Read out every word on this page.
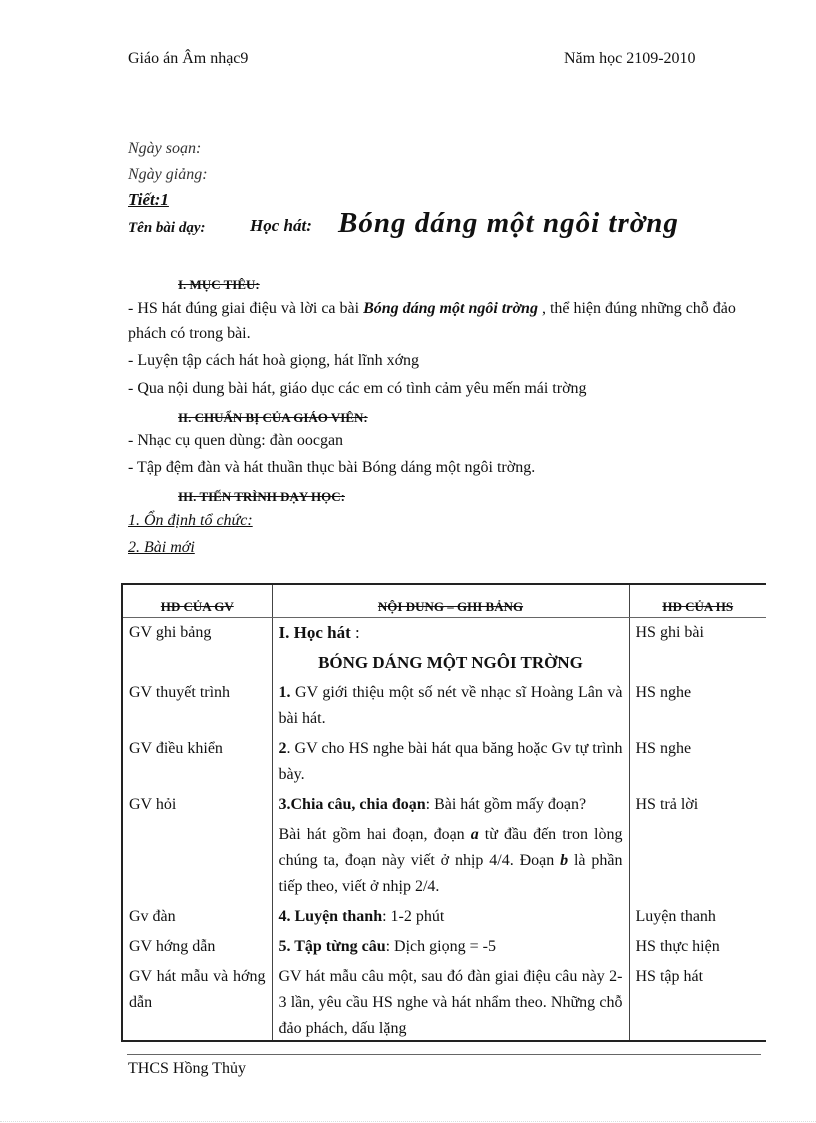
Giáo án Âm nhạc9	Năm học 2109-2010
Ngày soạn:
Ngày giảng:
Tiết:1
Tên bài dạy:	Học hát: Bóng dáng một ngôi trờng
I. MỤC TIÊU:
- HS hát đúng giai điệu và lời ca bài Bóng dáng một ngôi trờng , thể hiện đúng những chỗ đảo phách có trong bài.
- Luyện tập cách hát hoà giọng, hát lĩnh xớng
- Qua nội dung bài hát, giáo dục các em có tình cảm yêu mến mái trờng
II. CHUẨN BỊ CỦA GIÁO VIÊN:
- Nhạc cụ quen dùng: đàn oocgan
- Tập đệm đàn và hát thuần thục bài Bóng dáng một ngôi trờng.
III. TIẾN TRÌNH DẠY HỌC:
1. Ổn định tổ chức:
2. Bài mới
HĐ CỦA GV	NỘI DUNG – GHI BẢNG	HĐ CỦA HS
GV ghi bảng	I. Học hát :	HS ghi bài
	BÓNG DÁNG MỘT NGÔI TRỜNG	
GV thuyết trình	1. GV giới thiệu một số nét về nhạc sĩ Hoàng Lân và bài hát.	HS nghe
GV điều khiển	2. GV cho HS nghe bài hát qua băng hoặc Gv tự trình bày.	HS nghe
GV hỏi	3.Chia câu, chia đoạn: Bài hát gồm mấy đoạn?	HS trả lời
	Bài hát gồm hai đoạn, đoạn a từ đầu đến tron lòng chúng ta, đoạn này viết ở nhịp 4/4. Đoạn b là phần tiếp theo, viết ở nhịp 2/4.	
Gv đàn	4. Luyện thanh: 1-2 phút	Luyện thanh
GV hớng dẫn	5. Tập từng câu: Dịch giọng = -5	HS thực hiện
GV hát mẫu và hớng dẫn	GV hát mẫu câu một, sau đó đàn giai điệu câu này 2-3 lần, yêu cầu HS nghe và hát nhẩm theo. Những chỗ đảo phách, dấu lặng	HS tập hát
THCS Hồng Thủy
